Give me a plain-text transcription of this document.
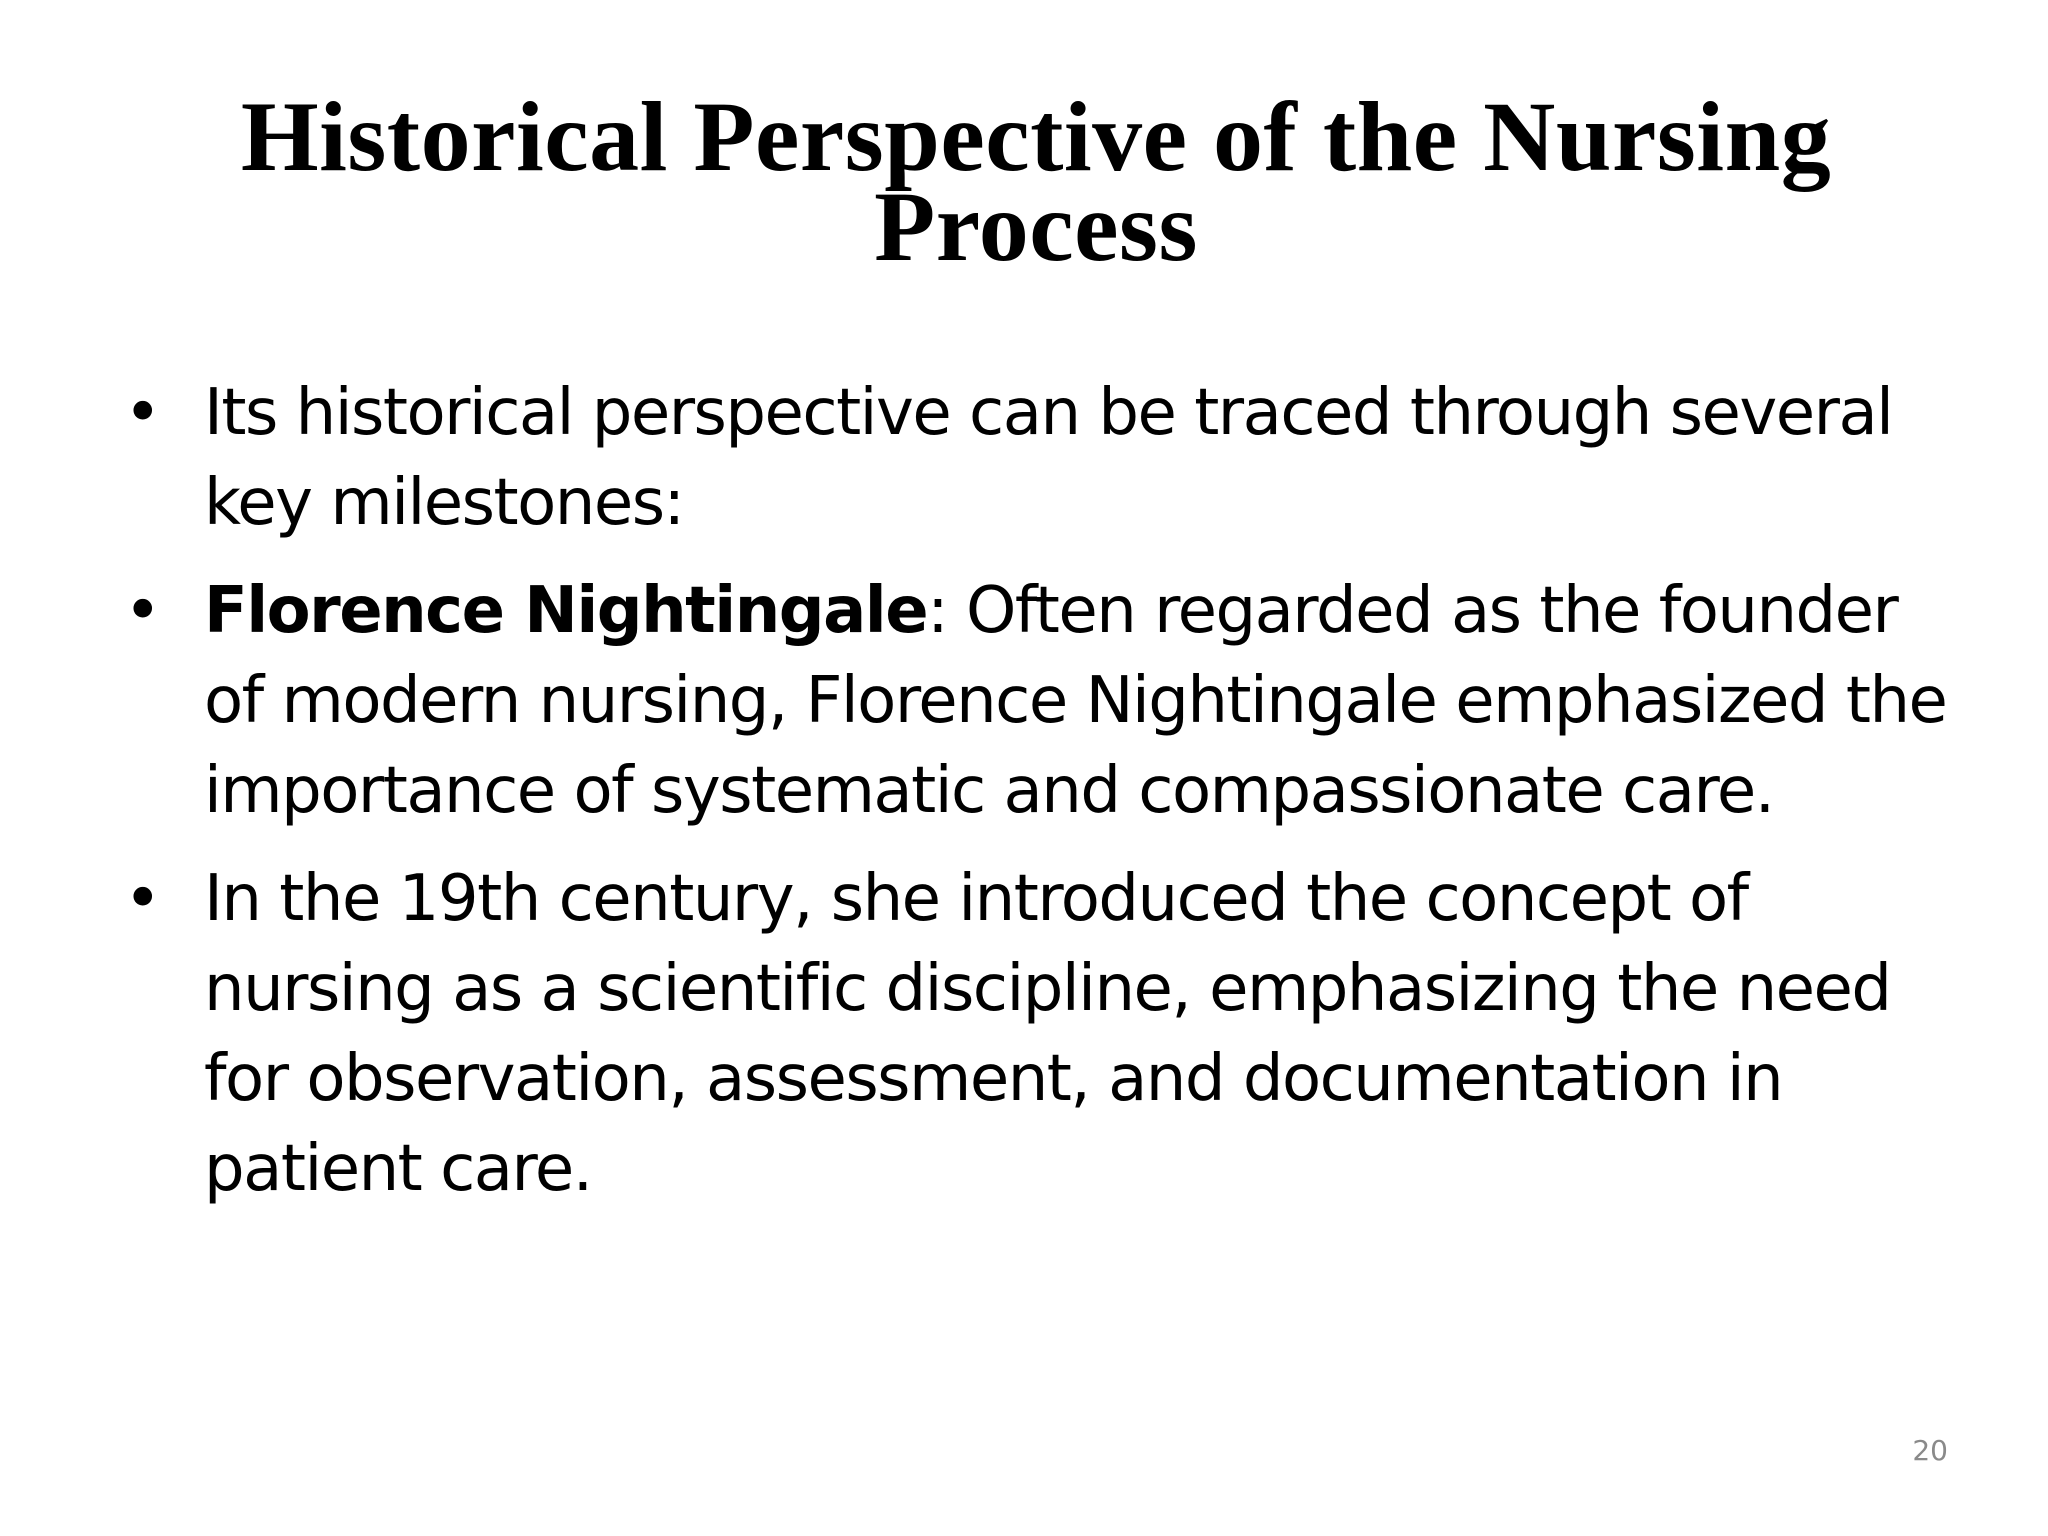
Historical Perspective of the Nursing
Process
• Its historical perspective can be traced through several key milestones:
• Florence Nightingale: Often regarded as the founder of modern nursing, Florence Nightingale emphasized the importance of systematic and compassionate care.
• In the 19th century, she introduced the concept of nursing as a scientific discipline, emphasizing the need for observation, assessment, and documentation in patient care.
20
